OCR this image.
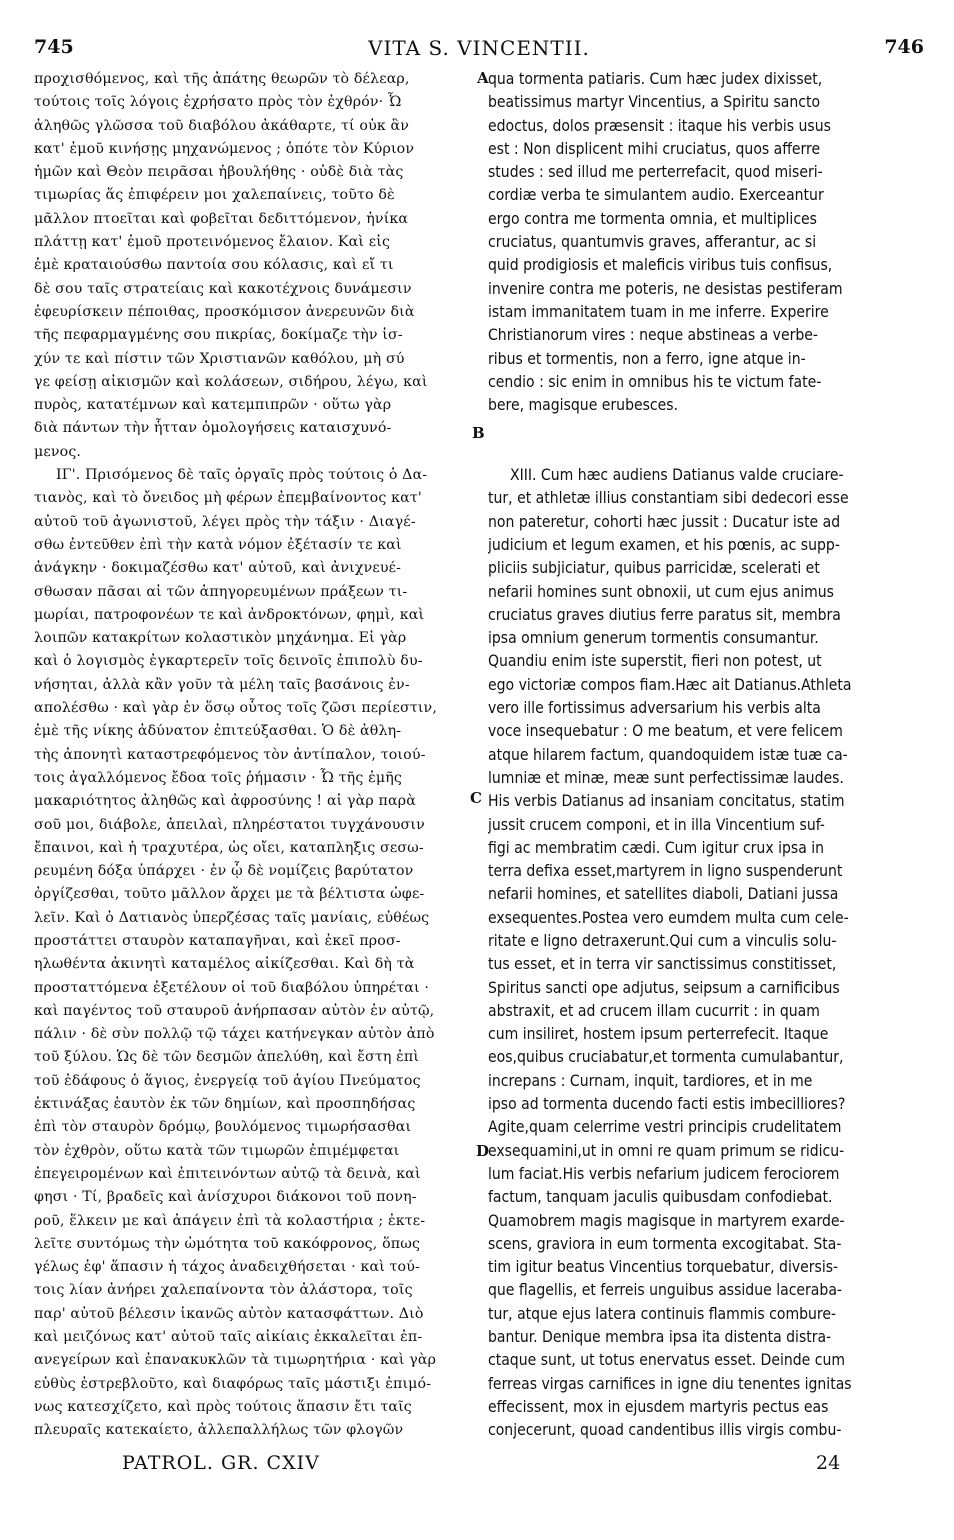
745	VITA S. VINCENTII.	746
προχισθόμενος, καὶ τῆς ἀπάτης θεωρῶν τὸ δέλεαρ,
τούτοις τοῖς λόγοις ἐχρήσατο πρὸς τὸν ἐχθρόν· Ὦ
ἀληθῶς γλῶσσα τοῦ διαβόλου ἀκάθαρτε, τί οὐκ ἂν
κατ' ἐμοῦ κινήσῃς μηχανώμενος ; ὁπότε τὸν Κύριον
ἡμῶν καὶ Θεὸν πειρᾶσαι ἠβουλήθης · οὐδὲ διὰ τὰς
τιμωρίας ἅς ἐπιφέρειν μοι χαλεπαίνεις, τοῦτο δὲ
μᾶλλον πτοεῖται καὶ φοβεῖται δεδιττόμενον, ἡνίκα
πλάττῃ κατ' ἐμοῦ προτεινόμενος ἔλαιον. Καὶ εἰς
ἐμὲ κραταιούσθω παντοία σου κόλασις, καὶ εἴ τι
δὲ σου ταῖς στρατείαις καὶ κακοτέχνοις δυνάμεσιν
ἐφευρίσκειν πέποιθας, προσκόμισον ἀνερευνῶν διὰ
τῆς πεφαρμαγμένης σου πικρίας, δοκίμαζε τὴν ἰσ-
χύν τε καὶ πίστιν τῶν Χριστιανῶν καθόλου, μὴ σύ
γε φείσῃ αἰκισμῶν καὶ κολάσεων, σιδήρου, λέγω, καὶ
πυρὸς, κατατέμνων καὶ κατεμπιπρῶν · οὕτω γὰρ
διὰ πάντων τὴν ἧτταν ὁμολογήσεις καταισχυνό-
μενος.
ΙΓ'. Πρισόμενος δὲ ταῖς ὀργαῖς πρὸς τούτοις ὁ Δα-
τιανὸς, καὶ τὸ ὄνειδος μὴ φέρων ἐπεμβαίνοντος κατ'
αὐτοῦ τοῦ ἀγωνιστοῦ, λέγει πρὸς τὴν τάξιν · Διαγέ-
σθω ἐντεῦθεν ἐπὶ τὴν κατὰ νόμον ἐξέτασίν τε καὶ
ἀνάγκην · δοκιμαζέσθω κατ' αὐτοῦ, καὶ ἀνιχνευέ-
σθωσαν πᾶσαι αἱ τῶν ἀπηγορευμένων πράξεων τι-
μωρίαι, πατροφονέων τε καὶ ἀνδροκτόνων, φημὶ, καὶ
λοιπῶν κατακρίτων κολαστικὸν μηχάνημα. Εἰ γὰρ
καὶ ὁ λογισμὸς ἐγκαρτερεῖν τοῖς δεινοῖς ἐπιπολὺ δυ-
νήσηται, ἀλλὰ κἂν γοῦν τὰ μέλη ταῖς βασάνοις ἐν-
απολέσθω · καὶ γὰρ ἐν ὅσῳ οὗτος τοῖς ζῶσι περίεστιν,
ἐμὲ τῆς νίκης ἀδύνατον ἐπιτεύξασθαι. Ὁ δὲ ἀθλη-
τὴς ἀπονητὶ καταστρεφόμενος τὸν ἀντίπαλον, τοιού-
τοις ἀγαλλόμενος ἔδοα τοῖς ῥήμασιν · Ὦ τῆς ἐμῆς
μακαριότητος ἀληθῶς καὶ ἀφροσύνης ! αἱ γὰρ παρὰ
σοῦ μοι, διάβολε, ἀπειλαὶ, πληρέστατοι τυγχάνουσιν
ἔπαινοι, καὶ ἡ τραχυτέρα, ὡς οἴει, καταπληξις σεσω-
ρευμένη δόξα ὑπάρχει · ἐν ᾧ δὲ νομίζεις βαρύτατον
ὀργίζεσθαι, τοῦτο μᾶλλον ἄρχει με τὰ βέλτιστα ὠφε-
λεῖν. Καὶ ὁ Δατιανὸς ὑπερζέσας ταῖς μανίαις, εὐθέως
προστάττει σταυρὸν καταπαγῆναι, καὶ ἐκεῖ προσ-
ηλωθέντα ἀκινητὶ καταμέλος αἰκίζεσθαι. Καὶ δὴ τὰ
προσταττόμενα ἐξετέλουν οἱ τοῦ διαβόλου ὑπηρέται ·
καὶ παγέντος τοῦ σταυροῦ ἀνήρπασαν αὐτὸν ἐν αὐτῷ,
πάλιν · δὲ σὺν πολλῷ τῷ τάχει κατήνεγκαν αὐτὸν ἀπὸ
τοῦ ξύλου. Ὡς δὲ τῶν δεσμῶν ἀπελύθη, καὶ ἔστη ἐπὶ
τοῦ ἐδάφους ὁ ἅγιος, ἐνεργείᾳ τοῦ ἁγίου Πνεύματος
ἐκτινάξας ἑαυτὸν ἐκ τῶν δημίων, καὶ προσπηδήσας
ἐπὶ τὸν σταυρὸν δρόμῳ, βουλόμενος τιμωρήσασθαι
τὸν ἐχθρὸν, οὕτω κατὰ τῶν τιμωρῶν ἐπιμέμφεται
ἐπεγειρομένων καὶ ἐπιτεινόντων αὐτῷ τὰ δεινὰ, καὶ
φησι · Τί, βραδεῖς καὶ ἀνίσχυροι διάκονοι τοῦ πονη-
ροῦ, ἕλκειν με καὶ ἀπάγειν ἐπὶ τὰ κολαστήρια ; ἐκτε-
λεῖτε συντόμως τὴν ὠμότητα τοῦ κακόφρονος, ὅπως
γέλως ἐφ' ἅπασιν ἡ τάχος ἀναδειχθήσεται · καὶ τού-
τοις λίαν ἀνήρει χαλεπαίνοντα τὸν ἀλάστορα, τοῖς
παρ' αὐτοῦ βέλεσιν ἱκανῶς αὐτὸν κατασφάττων. Διὸ
καὶ μειζόνως κατ' αὐτοῦ ταῖς αἰκίαις ἐκκαλεῖται ἐπ-
ανεγείρων καὶ ἐπανακυκλῶν τὰ τιμωρητήρια · καὶ γὰρ
εὐθὺς ἐστρεβλοῦτο, καὶ διαφόρως ταῖς μάστιξι ἐπιμό-
νως κατεσχίζετο, καὶ πρὸς τούτοις ἅπασιν ἔτι ταῖς
πλευραῖς κατεκαίετο, ἀλλεπαλλήλως τῶν φλογῶν
qua tormenta patiaris. Cum hæc judex dixisset,
beatissimus martyr Vincentius, a Spiritu sancto
edoctus, dolos præsensit : itaque his verbis usus
est : Non displicent mihi cruciatus, quos afferre
studes : sed illud me perterrefacit, quod miseri-
cordiæ verba te simulantem audio. Exerceantur
ergo contra me tormenta omnia, et multiplices
cruciatus, quantumvis graves, afferantur, ac si
quid prodigiosis et maleficis viribus tuis confisus,
invenire contra me poteris, ne desistas pestiferam
istam immanitatem tuam in me inferre. Experire
Christianorum vires : neque abstineas a verbe-
ribus et tormentis, non a ferro, igne atque in-
cendio : sic enim in omnibus his te victum fate-
bere, magisque erubesces.
XIII. Cum hæc audiens Datianus valde cruciare-
tur, et athletæ illius constantiam sibi dedecori esse
non pateretur, cohorti hæc jussit : Ducatur iste ad
judicium et legum examen, et his pœnis, ac supp-
pliciis subjiciatur, quibus parricidæ, scelerati et
nefarii homines sunt obnoxii, ut cum ejus animus
cruciatus graves diutius ferre paratus sit, membra
ipsa omnium generum tormentis consumantur.
Quandiu enim iste superstit, fieri non potest, ut
ego victoriæ compos fiam.Hæc ait Datianus.Athleta
vero ille fortissimus adversarium his verbis alta
voce insequebatur : O me beatum, et vere felicem
atque hilarem factum, quandoquidem istæ tuæ ca-
lumniæ et minæ, meæ sunt perfectissimæ laudes.
His verbis Datianus ad insaniam concitatus, statim
jussit crucem componi, et in illa Vincentium suf-
figi ac membratim cædi. Cum igitur crux ipsa in
terra defixa esset,martyrem in ligno suspenderunt
nefarii homines, et satellites diaboli, Datiani jussa
exsequentes.Postea vero eumdem multa cum cele-
ritate e ligno detraxerunt.Qui cum a vinculis solu-
tus esset, et in terra vir sanctissimus constitisset,
Spiritus sancti ope adjutus, seipsum a carnificibus
abstraxit, et ad crucem illam cucurrit : in quam
cum insiliret, hostem ipsum perterrefecit. Itaque
eos,quibus cruciabatur,et tormenta cumulabantur,
increpans : Curnam, inquit, tardiores, et in me
ipso ad tormenta ducendo facti estis imbecilliores?
Agite,quam celerrime vestri principis crudelitatem
exsequamini,ut in omni re quam primum se ridicu-
lum faciat.His verbis nefarium judicem ferociorem
factum, tanquam jaculis quibusdam confodiebat.
Quamobrem magis magisque in martyrem exarde-
scens, graviora in eum tormenta excogitabat. Sta-
tim igitur beatus Vincentius torquebatur, diversis-
que flagellis, et ferreis unguibus assidue laceraba-
tur, atque ejus latera continuis flammis combure-
bantur. Denique membra ipsa ita distenta distra-
ctaque sunt, ut totus enervatus esset. Deinde cum
ferreas virgas carnifices in igne diu tenentes ignitas
effecissent, mox in ejusdem martyris pectus eas
conjecerunt, quoad candentibus illis virgis combu-
A
B
C
D
PATROL. GR. CXIV	24
